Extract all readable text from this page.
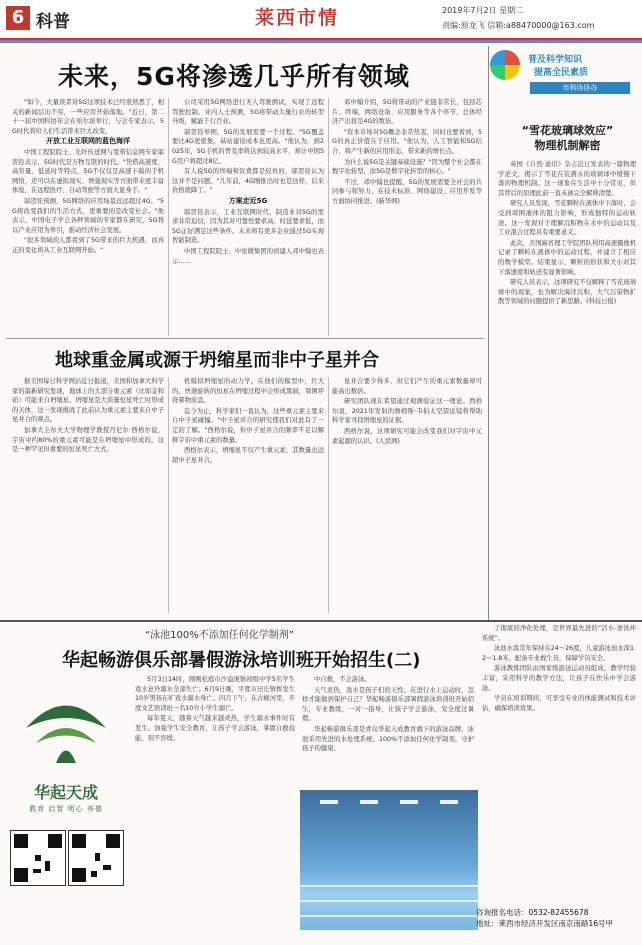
6 科普	莱西市情	2019年7月2日 星期二
责编:原龙飞 信箱:a88470000@163.com
未来，5G将渗透几乎所有领域

"如今，大量读者对5G这项技术已经很熟悉了，相关的新闻层出不穷，一些应用开始落地。"近日，第二十一届中国科协年会在哈尔滨举行，与会专家表示，5G时代将给人们生活带来巨大改变。

开放工业互联网的蓝色海洋

中国工程院院士、光纤传送网与宽带信息网专家邬贺铨表示，5G时代是万物互联的时代。"凭借高速度、高容量、低延时等特点，5G不仅仅是高速下载的手机网络，还可以在虚拟现实、增强现实等方面带来更丰富体验，在远程医疗、自动驾驶等方面大显身手。"

邬贺铨预测，5G网络的应用场景远远超过4G。"5G将改变我们的生活方式，更重要的是改变社会。"他表示，中国电子学会各种领域的专家都在研究，5G将以产业应用为牵引，推动经济社会发展。

"很多领域的人都看到了5G带来的巨大机遇，而真正的变化将从工业互联网开始。"

公司采用5G网络进行无人驾驶测试，实现了远程驾驶控制。业内人士预测，5G将带动大量行业的转型升级，赋能千行百业。

邬贺铨举例，5G的发展需要一个过程。"5G覆盖要比4G更密集，基站建设成本也更高。"他认为，到2025年，5G手机的普及率将达到较高水平，预计中国5G用户将超过8亿。

有人说5G的终端和资费都是较贵的，邬贺铨认为这并不是问题。"几年前，4G刚推出时也是这样，后来价格就降了。"

方案走近5G

邬贺铨表示，工业互联网时代，制造业对5G的需求非常迫切，因为其对可靠性要求高、时延要求低，而5G正好满足这些条件。未来将有更多企业通过5G实现智能制造。

中国工程院院士、中星微集团的创建人邓中翰也表示……

邓中翰介绍，5G将带动的产业链非常长，包括芯片、终端、网络设备、应用服务等各个环节，总体经济产出将是4G的数倍。

"资本市场对5G概念非常热衷，同时也要看到，5G的真正价值在于应用。"他认为，人工智能和5G结合，将产生新的应用形态，带来新的增长点。

为什么说5G是关键基础设施？"因为整个社会都在数字化转型，而5G是数字化转型的核心。"

不过，邓中翰也提醒，5G的发展需要全社会的共同参与和努力，在技术标准、网络建设、应用开发等方面协同推进。(新华网)

普及科学知识
提高全民素质
市科协协办
“雪花玻璃球效应”
物理机制解密

英国《自然·通讯》杂志近日发表的一篇物理学论文，揭示了雪花在装满水的玻璃球中缓慢下落的物理机制。这一现象在生活中十分常见，但其背后的原理此前一直未被完全解释清楚。

研究人员发现，雪花颗粒在液体中下落时，会受到周围液体的阻力影响，形成独特的运动轨迹。这一发现对于理解沉积物在水中的运动以及工业混合过程具有重要意义。

此次，美国麻省理工学院团队利用高速摄像机记录了颗粒在液体中的运动过程，并建立了相应的数学模型。结果显示，颗粒的形状和大小对其下落速度和轨迹有显著影响。

研究人员表示，这项研究不仅解释了雪花玻璃球中的现象，也为解决海洋沉积、大气污染物扩散等领域的问题提供了新思路。(科技日报)

地球重金属或源于坍缩星而非中子星并合

据美国每日科学网站近日报道，美国和加拿大科学家的最新研究发现，地球上的大部分重元素（比如金和铂）可能来自坍缩星。坍缩星是大质量恒星死亡时形成的天体，这一发现挑战了此前认为重元素主要来自中子星并合的观点。

加拿大圭尔夫大学物理学教授丹尼尔·西格尔说，宇宙中约80%的重元素可能是在坍缩星中形成的。这是一种罕见但重要的恒星死亡方式。

机模拟坍缩星的动力学。在他们的模型中，巨大的、快速旋转的恒星在坍缩过程中会形成黑洞，周围环绕着物质盘。

迄今为止，科学家们一直认为，这些重元素主要来自中子星碰撞。"中子星并合的研究使我们对此有了一定的了解。"西格尔说，但中子星并合的频率不足以解释宇宙中重元素的数量。

西格尔表示，坍缩星不仅产生重元素，其数量也远超中子星并合。

星并合要少得多，但它们产生的重元素数量却可能高出数倍。

研究团队现在希望通过观测验证这一理论。西格尔说，2021年发射的詹姆斯·韦伯太空望远镜将帮助科学家寻找坍缩星的证据。

西格尔说，这项研究可能会改变我们对宇宙中元素起源的认识。(人民网)

“泳池100%不添加任何化学制剂”
华起畅游俱乐部暑假游泳培训班开始招生(二)
华起天成
教育 启智 明心 养德

5月3日14时，刚刚松庭市沙溢庞镇初级中学5名学生戏水意外溺水全部失亡；6月9日晚，平度市田庄镇桥发生10岁男孩在旷戏水溺水身亡。四月下午，在古岘河里，平度文艺培训班一名10岁小学生溺亡。

每年夏天，随着天气越来越炎热，学生溺水事件时有发生。加强学生安全教育，让孩子学会游泳，掌握自救技能，刻不容缓。

中自救，不会游泳。

天气炎热，戏水是孩子们的天性。在进行水上运动时，怎样才能做到保护自己？华起畅游俱乐部暑假游泳培训班开始招生，专业教练，一对一指导，让孩子学会游泳，安全度过暑假。

华起畅游俱乐部是青岛华起天成教育旗下的游泳品牌，泳池采用先进的水处理系统，100%不添加任何化学制剂，守护孩子的健康。

了彻底的净化处理，是世界最先进的“活水-逆洗环系统”。

泳池水温常年保持在24～26度，儿童游泳池水深1.2～1.8米，配备专业救生员，保障学员安全。

游泳教练团队由国家级游泳运动员组成，教学经验丰富，采用科学的教学方法，让孩子在快乐中学会游泳。

学员在培训期间，可享受专业的体能测试和技术评估，确保培训效果。

咨询报名电话：0532-82455678
地址：莱西市经济开发区南京南路16号甲
